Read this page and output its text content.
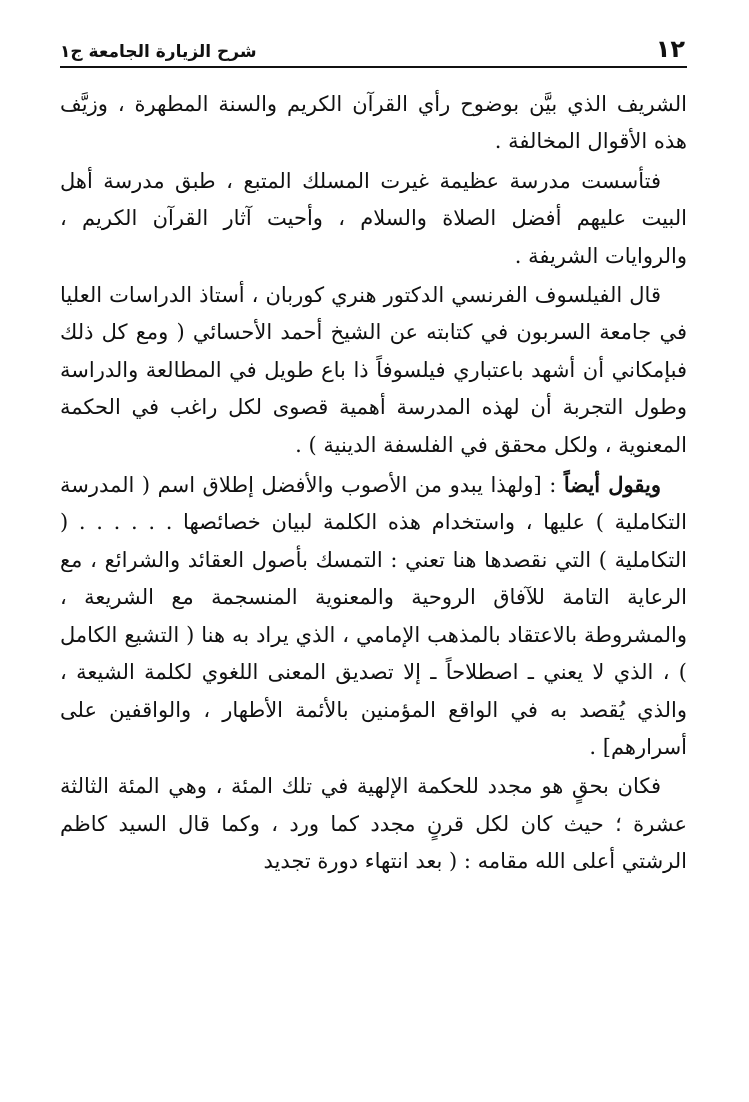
١٢
شرح الزيارة الجامعة ج١

الشريف الذي بيَّن بوضوح رأي القرآن الكريم والسنة المطهرة ، وزيَّف هذه الأقوال المخالفة .

فتأسست مدرسة عظيمة غيرت المسلك المتبع ، طبق مدرسة أهل البيت عليهم أفضل الصلاة والسلام ، وأحيت آثار القرآن الكريم ، والروايات الشريفة .

قال الفيلسوف الفرنسي الدكتور هنري كوربان ، أستاذ الدراسات العليا في جامعة السربون في كتابته عن الشيخ أحمد الأحسائي ( ومع كل ذلك فبإمكاني أن أشهد باعتباري فيلسوفاً ذا باع طويل في المطالعة والدراسة وطول التجربة أن لهذه المدرسة أهمية قصوى لكل راغب في الحكمة المعنوية ، ولكل محقق في الفلسفة الدينية ) .

ويقول أيضاً : [ولهذا يبدو من الأصوب والأفضل إطلاق اسم ( المدرسة التكاملية ) عليها ، واستخدام هذه الكلمة لبيان خصائصها . . . . . . ( التكاملية ) التي نقصدها هنا تعني : التمسك بأصول العقائد والشرائع ، مع الرعاية التامة للآفاق الروحية والمعنوية المنسجمة مع الشريعة ، والمشروطة بالاعتقاد بالمذهب الإمامي ، الذي يراد به هنا ( التشيع الكامل ) ، الذي لا يعني ـ اصطلاحاً ـ إلا تصديق المعنى اللغوي لكلمة الشيعة ، والذي يُقصد به في الواقع المؤمنين بالأئمة الأطهار ، والواقفين على أسرارهم] .

فكان بحقٍ هو مجدد للحكمة الإلهية في تلك المئة ، وهي المئة الثالثة عشرة ؛ حيث كان لكل قرنٍ مجدد كما ورد ، وكما قال السيد كاظم الرشتي أعلى الله مقامه : ( بعد انتهاء دورة تجديد
